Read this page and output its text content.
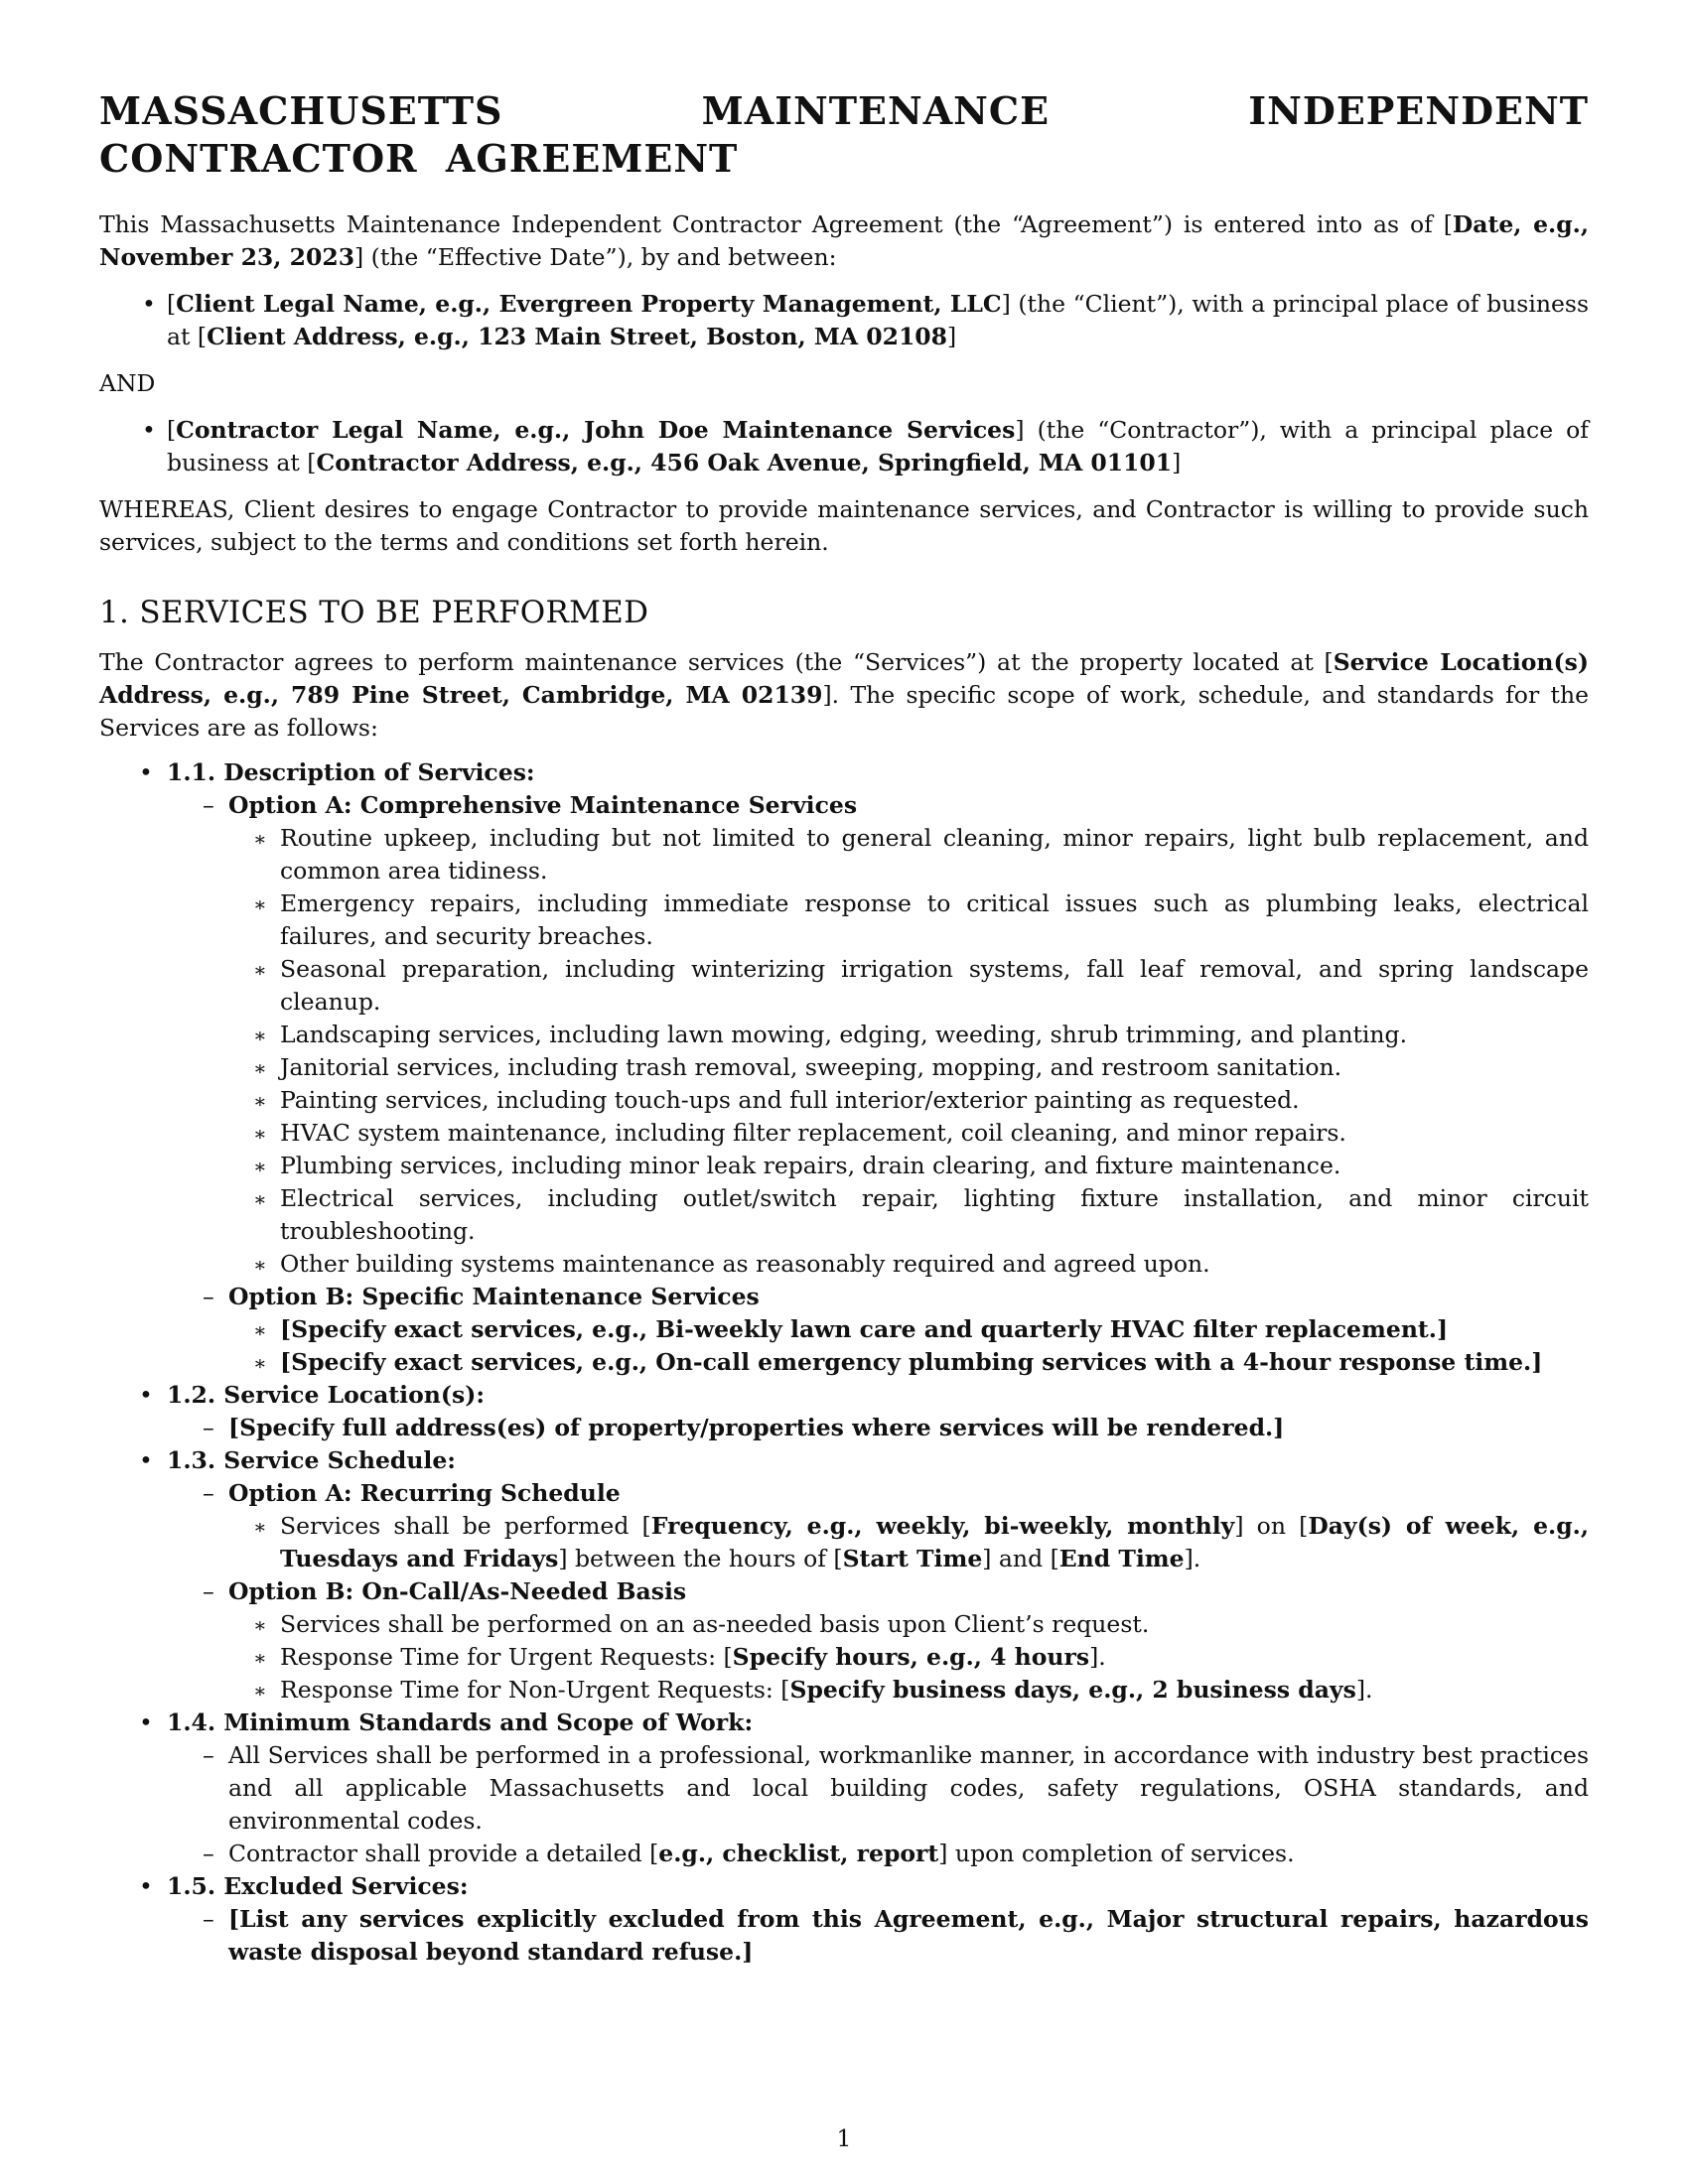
MASSACHUSETTS MAINTENANCE INDEPENDENT CONTRACTOR AGREEMENT

This Massachusetts Maintenance Independent Contractor Agreement (the “Agreement”) is entered into as of [Date, e.g., November 23, 2023] (the “Effective Date”), by and between:

• [Client Legal Name, e.g., Evergreen Property Management, LLC] (the “Client”), with a principal place of business at [Client Address, e.g., 123 Main Street, Boston, MA 02108]
AND
• [Contractor Legal Name, e.g., John Doe Maintenance Services] (the “Contractor”), with a principal place of business at [Contractor Address, e.g., 456 Oak Avenue, Springfield, MA 01101]

WHEREAS, Client desires to engage Contractor to provide maintenance services, and Contractor is willing to provide such services, subject to the terms and conditions set forth herein.

1. SERVICES TO BE PERFORMED

The Contractor agrees to perform maintenance services (the “Services”) at the property located at [Service Location(s) Address, e.g., 789 Pine Street, Cambridge, MA 02139]. The specific scope of work, schedule, and standards for the Services are as follows:

• 1.1. Description of Services:
– Option A: Comprehensive Maintenance Services
∗ Routine upkeep, including but not limited to general cleaning, minor repairs, light bulb replacement, and common area tidiness.
∗ Emergency repairs, including immediate response to critical issues such as plumbing leaks, electrical failures, and security breaches.
∗ Seasonal preparation, including winterizing irrigation systems, fall leaf removal, and spring landscape cleanup.
∗ Landscaping services, including lawn mowing, edging, weeding, shrub trimming, and planting.
∗ Janitorial services, including trash removal, sweeping, mopping, and restroom sanitation.
∗ Painting services, including touch-ups and full interior/exterior painting as requested.
∗ HVAC system maintenance, including filter replacement, coil cleaning, and minor repairs.
∗ Plumbing services, including minor leak repairs, drain clearing, and fixture maintenance.
∗ Electrical services, including outlet/switch repair, lighting fixture installation, and minor circuit troubleshooting.
∗ Other building systems maintenance as reasonably required and agreed upon.
– Option B: Specific Maintenance Services
∗ [Specify exact services, e.g., Bi-weekly lawn care and quarterly HVAC filter replacement.]
∗ [Specify exact services, e.g., On-call emergency plumbing services with a 4-hour response time.]
• 1.2. Service Location(s):
– [Specify full address(es) of property/properties where services will be rendered.]
• 1.3. Service Schedule:
– Option A: Recurring Schedule
∗ Services shall be performed [Frequency, e.g., weekly, bi-weekly, monthly] on [Day(s) of week, e.g., Tuesdays and Fridays] between the hours of [Start Time] and [End Time].
– Option B: On-Call/As-Needed Basis
∗ Services shall be performed on an as-needed basis upon Client’s request.
∗ Response Time for Urgent Requests: [Specify hours, e.g., 4 hours].
∗ Response Time for Non-Urgent Requests: [Specify business days, e.g., 2 business days].
• 1.4. Minimum Standards and Scope of Work:
– All Services shall be performed in a professional, workmanlike manner, in accordance with industry best practices and all applicable Massachusetts and local building codes, safety regulations, OSHA standards, and environmental codes.
– Contractor shall provide a detailed [e.g., checklist, report] upon completion of services.
• 1.5. Excluded Services:
– [List any services explicitly excluded from this Agreement, e.g., Major structural repairs, hazardous waste disposal beyond standard refuse.]
1
